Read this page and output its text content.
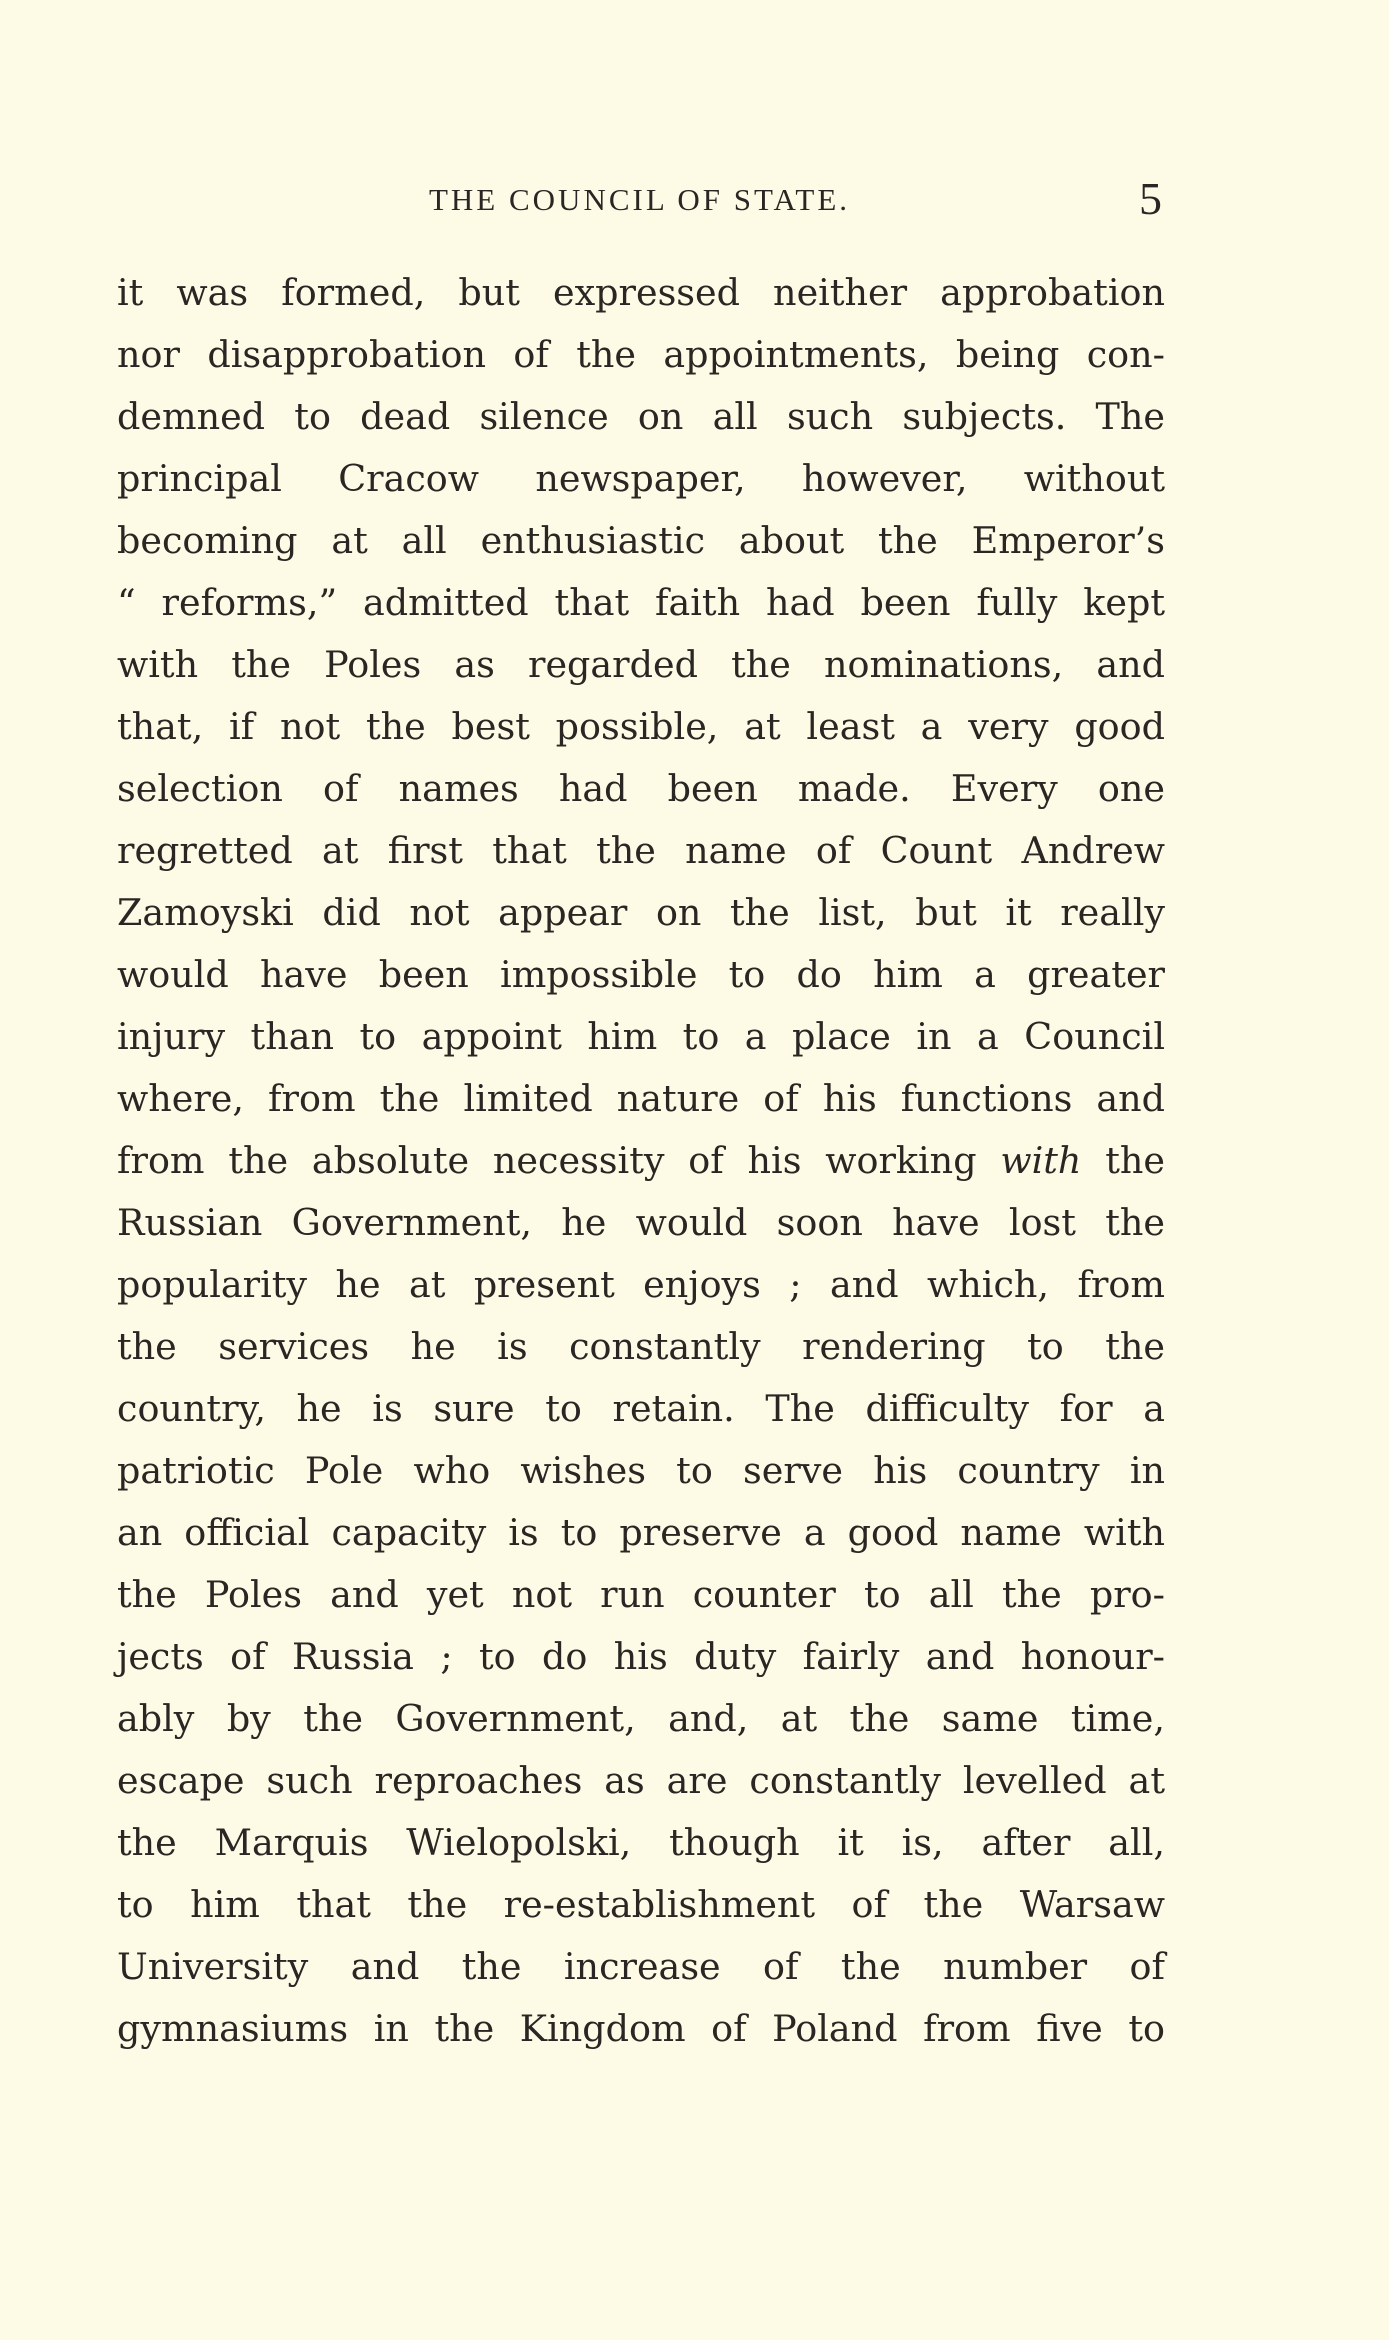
THE COUNCIL OF STATE.	5
it was formed, but expressed neither approbation
nor disapprobation of the appointments, being con-
demned to dead silence on all such subjects. The
principal Cracow newspaper, however, without
becoming at all enthusiastic about the Emperor’s
“ reforms,” admitted that faith had been fully kept
with the Poles as regarded the nominations, and
that, if not the best possible, at least a very good
selection of names had been made. Every one
regretted at first that the name of Count Andrew
Zamoyski did not appear on the list, but it really
would have been impossible to do him a greater
injury than to appoint him to a place in a Council
where, from the limited nature of his functions and
from the absolute necessity of his working with the
Russian Government, he would soon have lost the
popularity he at present enjoys ; and which, from
the services he is constantly rendering to the
country, he is sure to retain. The difficulty for a
patriotic Pole who wishes to serve his country in
an official capacity is to preserve a good name with
the Poles and yet not run counter to all the pro-
jects of Russia ; to do his duty fairly and honour-
ably by the Government, and, at the same time,
escape such reproaches as are constantly levelled at
the Marquis Wielopolski, though it is, after all,
to him that the re-establishment of the Warsaw
University and the increase of the number of
gymnasiums in the Kingdom of Poland from five to
